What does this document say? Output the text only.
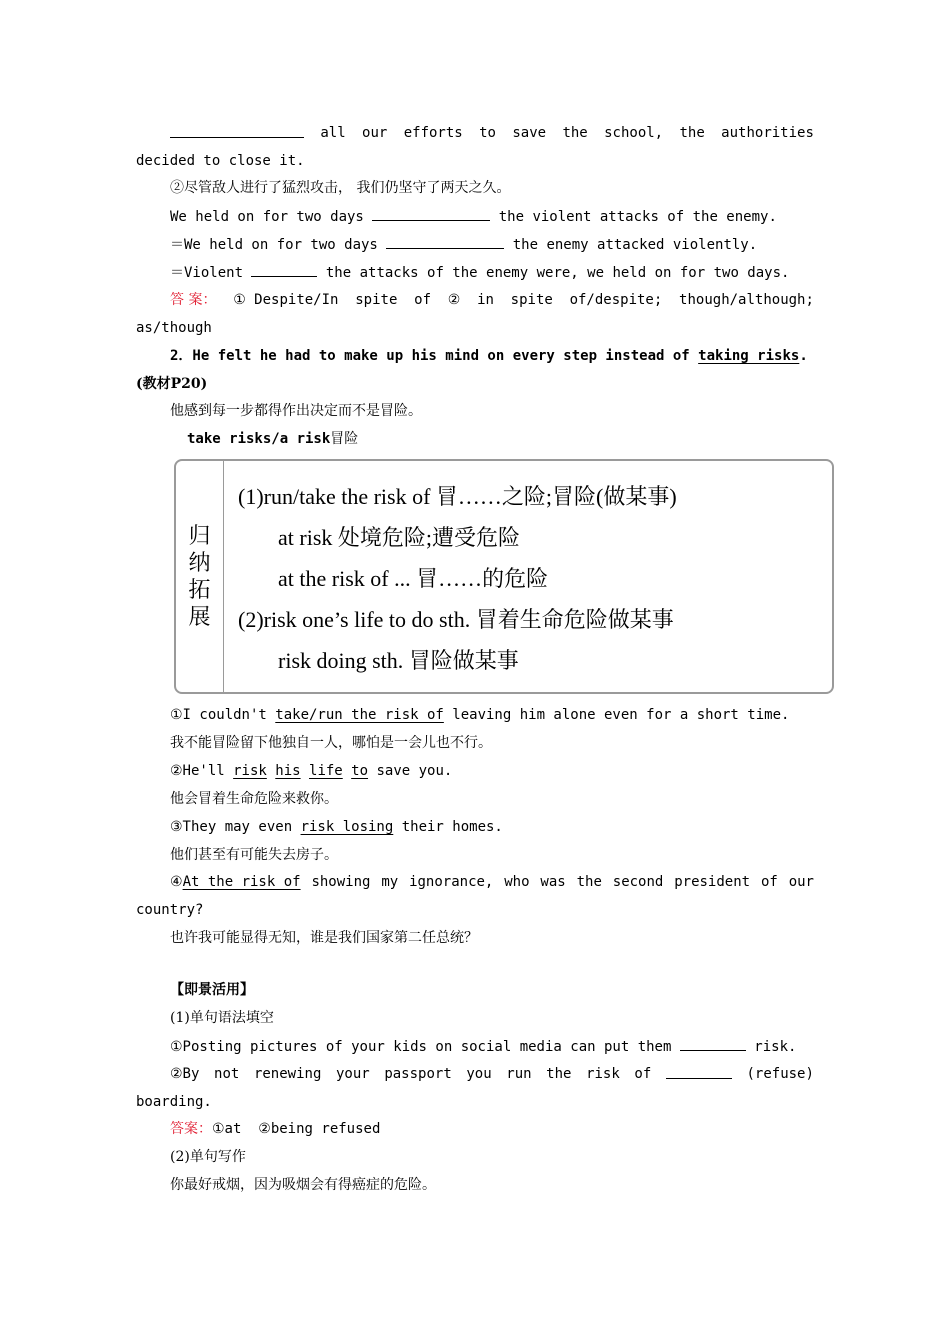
all our efforts to save the school, the authorities
decided to close it.
②尽管敌人进行了猛烈攻击， 我们仍坚守了两天之久。
We held on for two days	the violent attacks of the enemy.
＝We held on for two days	the enemy attacked violently.
＝Violent	the attacks of the enemy were, we held on for two days.
答 案： ① Despite/In spite of ② in spite of/despite; though/although;
as/though
2．He felt he had to make up his mind on every step instead of taking risks.
(教材P20)
他感到每一步都得作出决定而不是冒险。
take risks/a risk冒险
归纳拓展
(1)run/take the risk of 冒……之险;冒险(做某事)
at risk 处境危险;遭受危险
at the risk of ... 冒……的危险
(2)risk one’s life to do sth. 冒着生命危险做某事
risk doing sth. 冒险做某事
①I couldn't take/run the risk of leaving him alone even for a short time.
我不能冒险留下他独自一人，哪怕是一会儿也不行。
②He'll risk his life to save you.
他会冒着生命危险来救你。
③They may even risk losing their homes.
他们甚至有可能失去房子。
④At the risk of showing my ignorance, who was the second president of our
country?
也许我可能显得无知，谁是我们国家第二任总统？
【即景活用】
(1)单句语法填空
①Posting pictures of your kids on social media can put them	risk.
②By not renewing your passport you run the risk of	(refuse)
boarding.
答案：①at  ②being refused
(2)单句写作
你最好戒烟，因为吸烟会有得癌症的危险。
